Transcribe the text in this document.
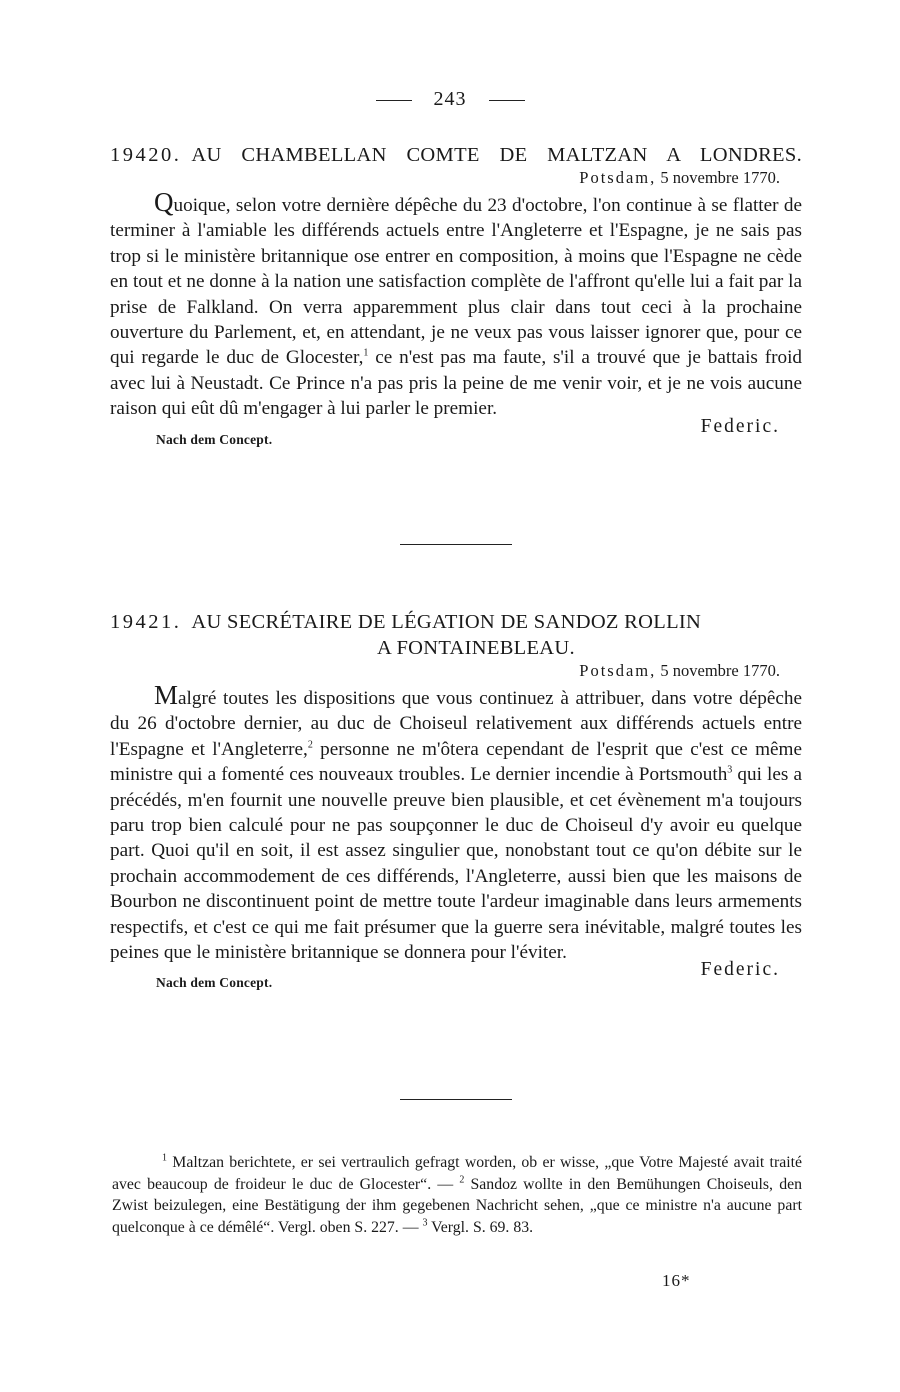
243
19420. AU CHAMBELLAN COMTE DE MALTZAN A LONDRES.
Potsdam, 5 novembre 1770.
Quoique, selon votre dernière dépêche du 23 d'octobre, l'on continue à se flatter de terminer à l'amiable les différends actuels entre l'Angleterre et l'Espagne, je ne sais pas trop si le ministère britannique ose entrer en composition, à moins que l'Espagne ne cède en tout et ne donne à la nation une satisfaction complète de l'affront qu'elle lui a fait par la prise de Falkland. On verra apparemment plus clair dans tout ceci à la prochaine ouverture du Parlement, et, en attendant, je ne veux pas vous laisser ignorer que, pour ce qui regarde le duc de Glocester,$^1$ ce n'est pas ma faute, s'il a trouvé que je battais froid avec lui à Neustadt. Ce Prince n'a pas pris la peine de me venir voir, et je ne vois aucune raison qui eût dû m'engager à lui parler le premier.
Nach dem Concept.
Federic.
19421. AU SECRÉTAIRE DE LÉGATION DE SANDOZ ROLLIN
A FONTAINEBLEAU.
Potsdam, 5 novembre 1770.
Malgré toutes les dispositions que vous continuez à attribuer, dans votre dépêche du 26 d'octobre dernier, au duc de Choiseul relativement aux différends actuels entre l'Espagne et l'Angleterre,$^2$ personne ne m'ôtera cependant de l'esprit que c'est ce même ministre qui a fomenté ces nouveaux troubles. Le dernier incendie à Portsmouth$^3$ qui les a précédés, m'en fournit une nouvelle preuve bien plausible, et cet évènement m'a toujours paru trop bien calculé pour ne pas soupçonner le duc de Choiseul d'y avoir eu quelque part. Quoi qu'il en soit, il est assez singulier que, nonobstant tout ce qu'on débite sur le prochain accommodement de ces différends, l'Angleterre, aussi bien que les maisons de Bourbon ne discontinuent point de mettre toute l'ardeur imaginable dans leurs armements respectifs, et c'est ce qui me fait présumer que la guerre sera inévitable, malgré toutes les peines que le ministère britannique se donnera pour l'éviter.
Nach dem Concept.
Federic.
$^1$ Maltzan berichtete, er sei vertraulich gefragt worden, ob er wisse, „que Votre Majesté avait traité avec beaucoup de froideur le duc de Glocester“. — $^2$ Sandoz wollte in den Bemühungen Choiseuls, den Zwist beizulegen, eine Bestätigung der ihm gegebenen Nachricht sehen, „que ce ministre n'a aucune part quelconque à ce démêlé“. Vergl. oben S. 227. — $^3$ Vergl. S. 69. 83.
16*
